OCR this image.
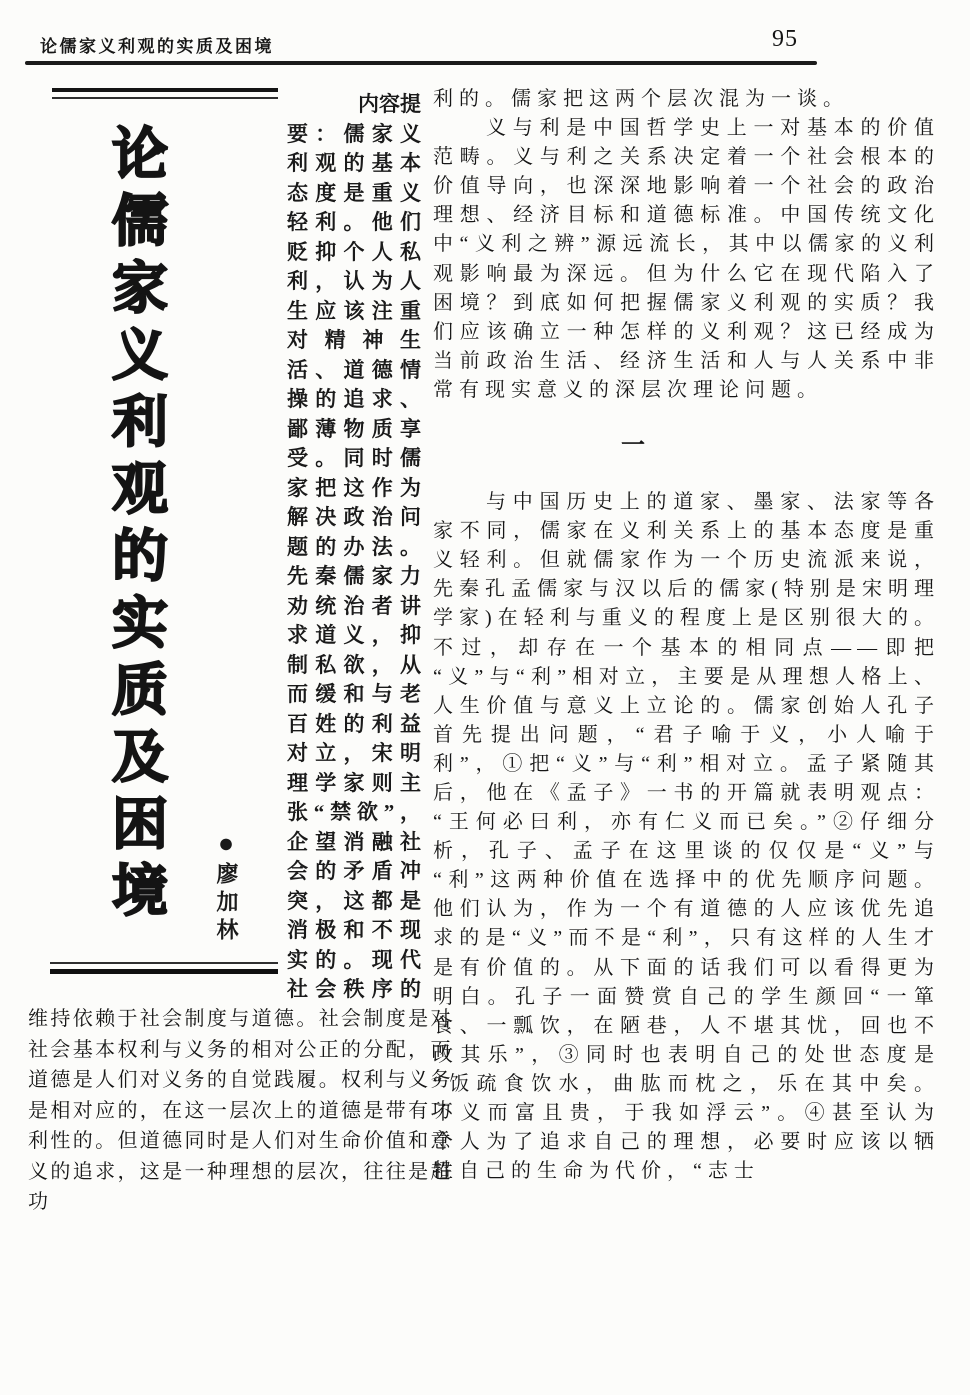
论儒家义利观的实质及困境	95
论儒家义利观的实质及困境 ●廖加林
内容提
要：儒家义
利观的基本
态度是重义
轻利。他们
贬抑个人私
利，认为人
生应该注重
对精神生
活、道德情
操的追求、
鄙薄物质享
受。同时儒
家把这作为
解决政治问
题的办法。
先秦儒家力
劝统治者讲
求道义，抑
制私欲，从
而缓和与老
百姓的利益
对立，宋明
理学家则主
张“禁欲”，
企望消融社
会的矛盾冲
突，这都是
消极和不现
实的。现代
社会秩序的
维持依赖于社会制度与道德。社会制度是对社会基本权利与义务的相对公正的分配，而道德是人们对义务的自觉践履。权利与义务是相对应的，在这一层次上的道德是带有功利性的。但道德同时是人们对生命价值和意义的追求，这是一种理想的层次，往往是超功

利的。儒家把这两个层次混为一谈。

义与利是中国哲学史上一对基本的价值范畴。义与利之关系决定着一个社会根本的价值导向，也深深地影响着一个社会的政治理想、经济目标和道德标准。中国传统文化中“义利之辨”源远流长，其中以儒家的义利观影响最为深远。但为什么它在现代陷入了困境？到底如何把握儒家义利观的实质？我们应该确立一种怎样的义利观？这已经成为当前政治生活、经济生活和人与人关系中非常有现实意义的深层次理论问题。

一

与中国历史上的道家、墨家、法家等各家不同，儒家在义利关系上的基本态度是重义轻利。但就儒家作为一个历史流派来说，先秦孔孟儒家与汉以后的儒家(特别是宋明理学家)在轻利与重义的程度上是区别很大的。不过，却存在一个基本的相同点——即把“义”与“利”相对立，主要是从理想人格上、人生价值与意义上立论的。儒家创始人孔子首先提出问题，“君子喻于义，小人喻于利”，①把“义”与“利”相对立。孟子紧随其后，他在《孟子》一书的开篇就表明观点：“王何必曰利，亦有仁义而已矣。”②仔细分析，孔子、孟子在这里谈的仅仅是“义”与“利”这两种价值在选择中的优先顺序问题。他们认为，作为一个有道德的人应该优先追求的是“义”而不是“利”，只有这样的人生才是有价值的。从下面的话我们可以看得更为明白。孔子一面赞赏自己的学生颜回“一箪食、一瓢饮，在陋巷，人不堪其忧，回也不改其乐”，③同时也表明自己的处世态度是“饭疏食饮水，曲肱而枕之，乐在其中矣。不义而富且贵，于我如浮云”。④甚至认为个人为了追求自己的理想，必要时应该以牺牲自己的生命为代价，“志士
